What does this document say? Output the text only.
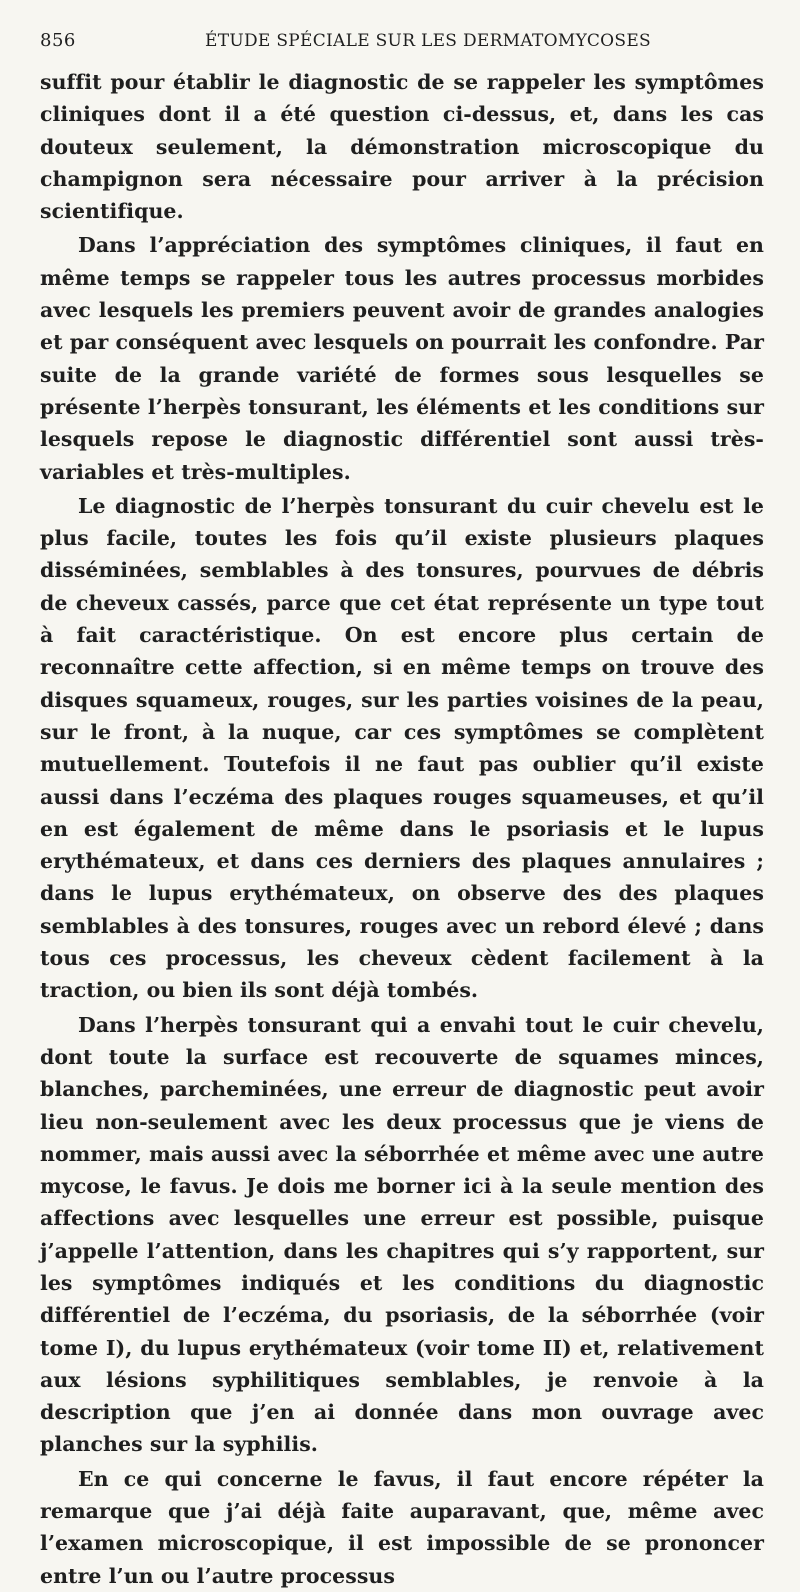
856	ÉTUDE SPÉCIALE SUR LES DERMATOMYCOSES

suffit pour établir le diagnostic de se rappeler les symptômes cliniques dont il a été question ci-dessus, et, dans les cas douteux seulement, la démonstration microscopique du champignon sera nécessaire pour arriver à la précision scientifique.

Dans l’appréciation des symptômes cliniques, il faut en même temps se rappeler tous les autres processus morbides avec lesquels les premiers peuvent avoir de grandes analogies et par conséquent avec lesquels on pourrait les confondre. Par suite de la grande variété de formes sous lesquelles se présente l’herpès tonsurant, les éléments et les conditions sur lesquels repose le diagnostic différentiel sont aussi très-variables et très-multiples.

Le diagnostic de l’herpès tonsurant du cuir chevelu est le plus facile, toutes les fois qu’il existe plusieurs plaques disséminées, semblables à des tonsures, pourvues de débris de cheveux cassés, parce que cet état représente un type tout à fait caractéristique. On est encore plus certain de reconnaître cette affection, si en même temps on trouve des disques squameux, rouges, sur les parties voisines de la peau, sur le front, à la nuque, car ces symptômes se complètent mutuellement. Toutefois il ne faut pas oublier qu’il existe aussi dans l’eczéma des plaques rouges squameuses, et qu’il en est également de même dans le psoriasis et le lupus erythémateux, et dans ces derniers des plaques annulaires ; dans le lupus erythémateux, on observe des des plaques semblables à des tonsures, rouges avec un rebord élevé ; dans tous ces processus, les cheveux cèdent facilement à la traction, ou bien ils sont déjà tombés.

Dans l’herpès tonsurant qui a envahi tout le cuir chevelu, dont toute la surface est recouverte de squames minces, blanches, parcheminées, une erreur de diagnostic peut avoir lieu non-seulement avec les deux processus que je viens de nommer, mais aussi avec la séborrhée et même avec une autre mycose, le favus. Je dois me borner ici à la seule mention des affections avec lesquelles une erreur est possible, puisque j’appelle l’attention, dans les chapitres qui s’y rapportent, sur les symptômes indiqués et les conditions du diagnostic différentiel de l’eczéma, du psoriasis, de la séborrhée (voir tome I), du lupus erythémateux (voir tome II) et, relativement aux lésions syphilitiques semblables, je renvoie à la description que j’en ai donnée dans mon ouvrage avec planches sur la syphilis.

En ce qui concerne le favus, il faut encore répéter la remarque que j’ai déjà faite auparavant, que, même avec l’examen microscopique, il est impossible de se prononcer entre l’un ou l’autre processus
